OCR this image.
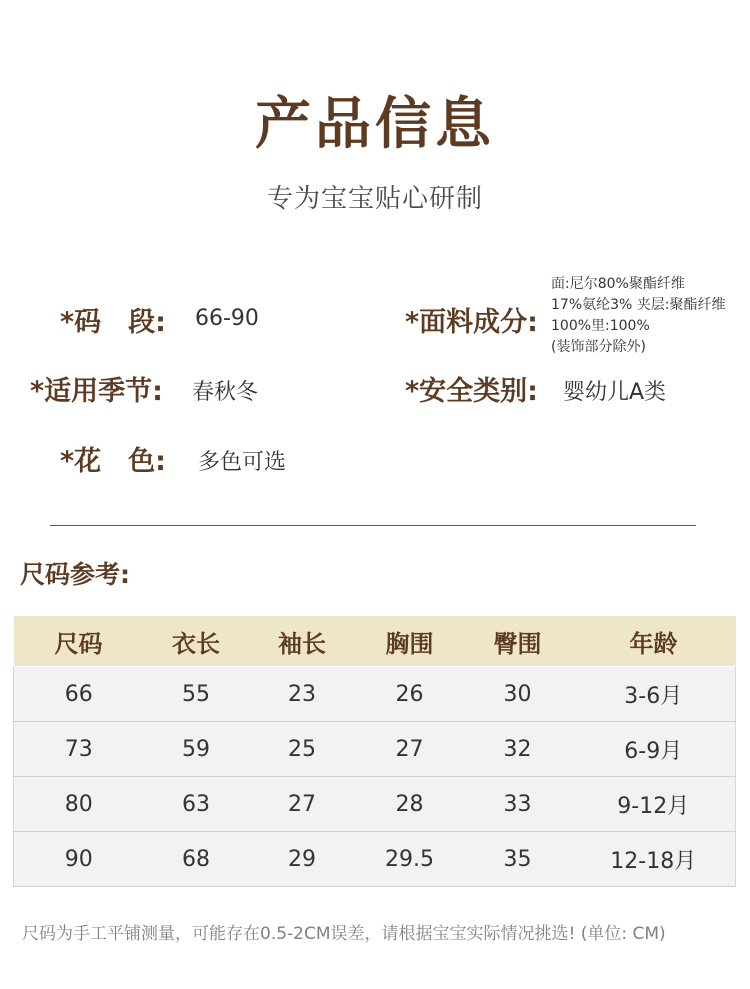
产品信息
专为宝宝贴心研制
*码　段: 66-90	*面料成分:
面:尼尔80%聚酯纤维
17%氨纶3% 夹层:聚酯纤维
100%里:100%
(装饰部分除外)
*适用季节: 春秋冬	*安全类别: 婴幼儿A类
*花　色: 多色可选
尺码参考:
尺码	衣长	袖长	胸围	臀围	年龄
66	55	23	26	30	3-6月
73	59	25	27	32	6-9月
80	63	27	28	33	9-12月
90	68	29	29.5	35	12-18月
尺码为手工平铺测量，可能存在0.5-2CM误差，请根据宝宝实际情况挑选! (单位: CM)
